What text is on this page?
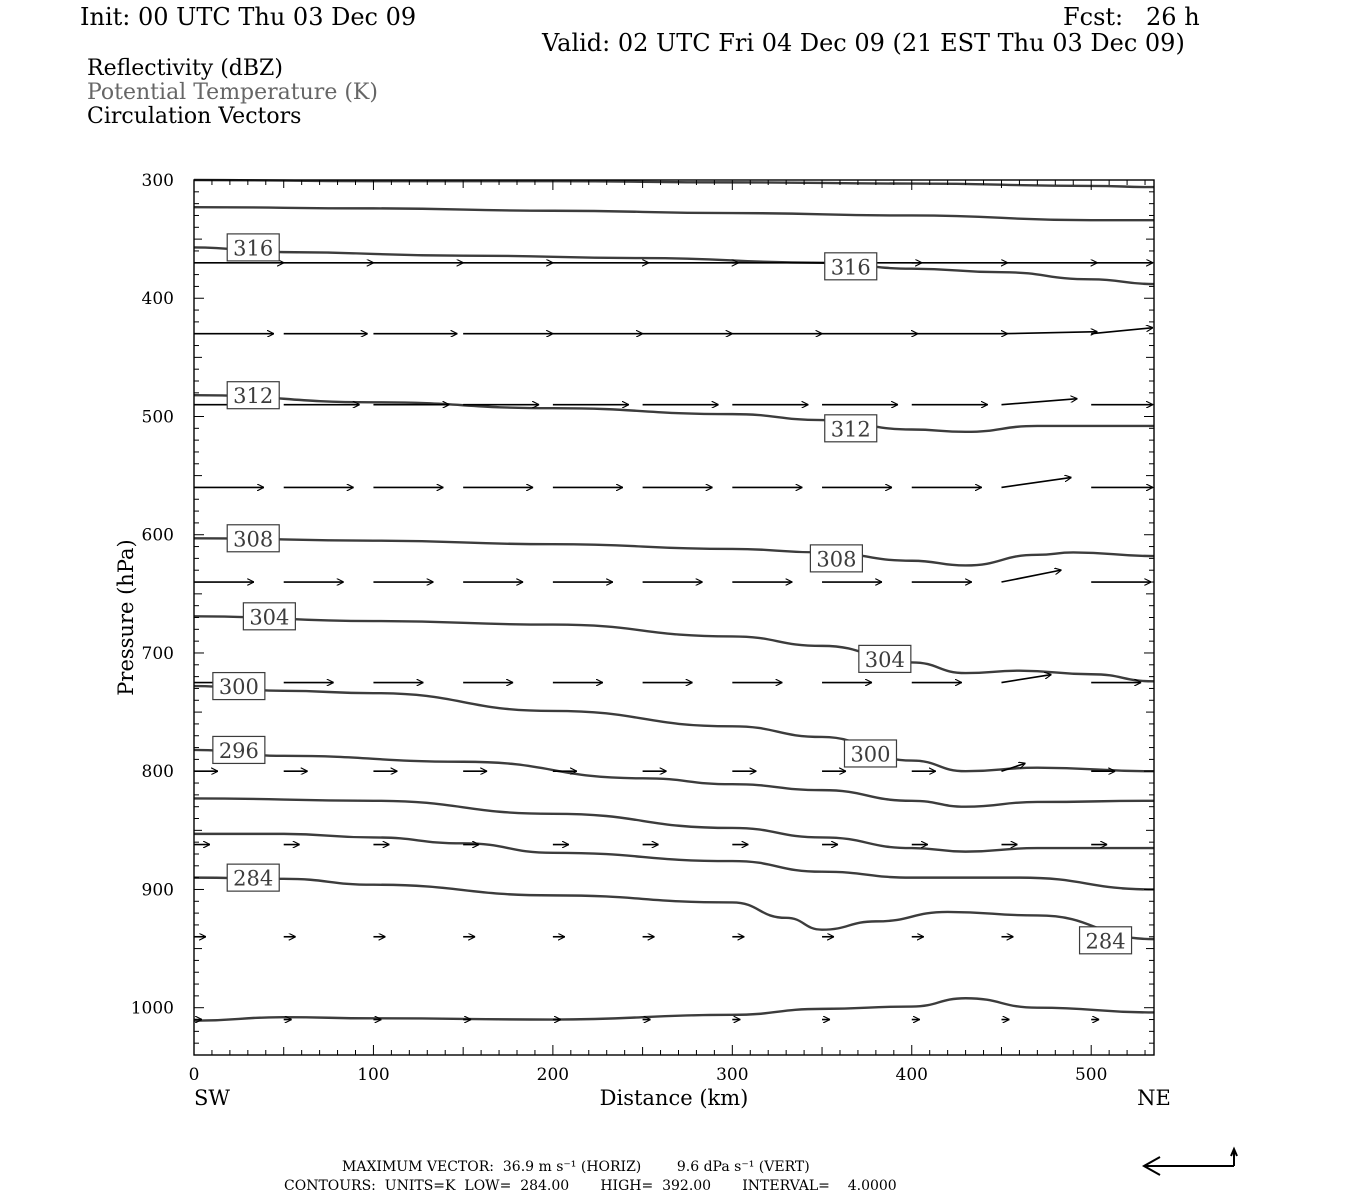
Init: 00 UTC Thu 03 Dec 09	Fcst:   26 h
Valid: 02 UTC Fri 04 Dec 09 (21 EST Thu 03 Dec 09)
Reflectivity (dBZ)
Potential Temperature (K)
Circulation Vectors
316
316
312
312
308
308
304
304
300
300
296
284
284
0	100	200	300	400	500
300
400
500
600
700
800
900
1000
Distance (km)
Pressure (hPa)
SW	NE
MAXIMUM VECTOR:  36.9 m s⁻¹ (HORIZ)        9.6 dPa s⁻¹ (VERT)
CONTOURS:  UNITS=K  LOW=  284.00       HIGH=  392.00       INTERVAL=    4.0000
